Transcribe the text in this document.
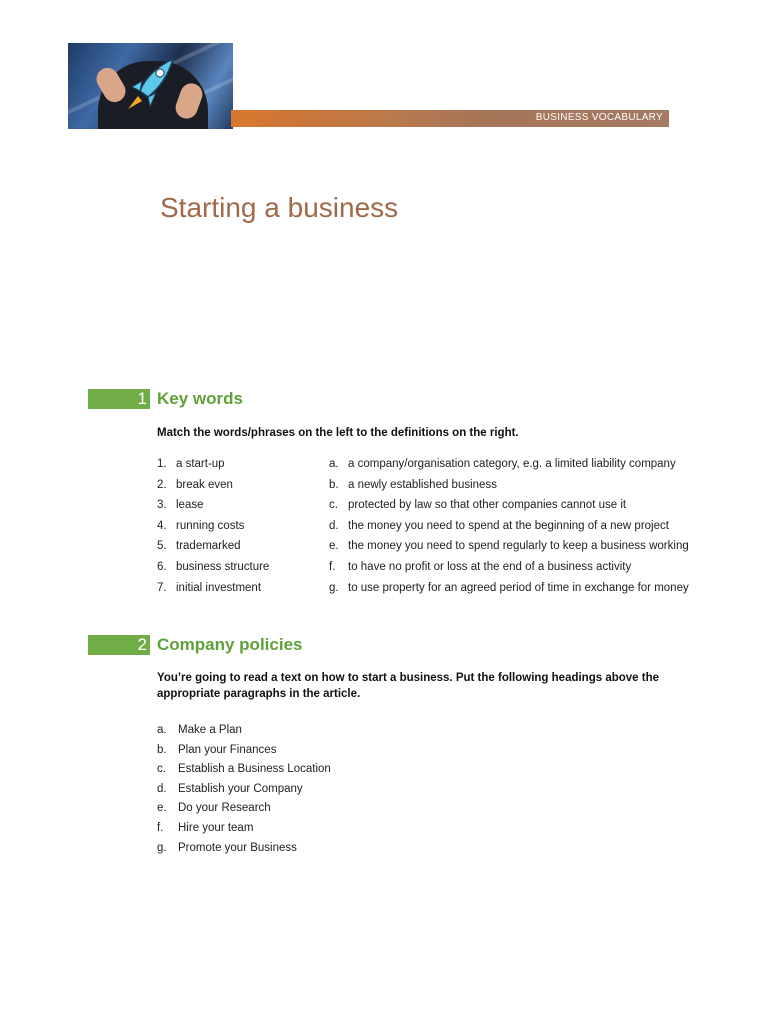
BUSINESS VOCABULARY
Starting a business
1 Key words

Match the words/phrases on the left to the definitions on the right.

1. a start-up
2. break even
3. lease
4. running costs
5. trademarked
6. business structure
7. initial investment
a. a company/organisation category, e.g. a limited liability company
b. a newly established business
c. protected by law so that other companies cannot use it
d. the money you need to spend at the beginning of a new project
e. the money you need to spend regularly to keep a business working
f. to have no profit or loss at the end of a business activity
g. to use property for an agreed period of time in exchange for money
2 Company policies

You’re going to read a text on how to start a business. Put the following headings above the appropriate paragraphs in the article.

a. Make a Plan
b. Plan your Finances
c. Establish a Business Location
d. Establish your Company
e. Do your Research
f. Hire your team
g. Promote your Business
